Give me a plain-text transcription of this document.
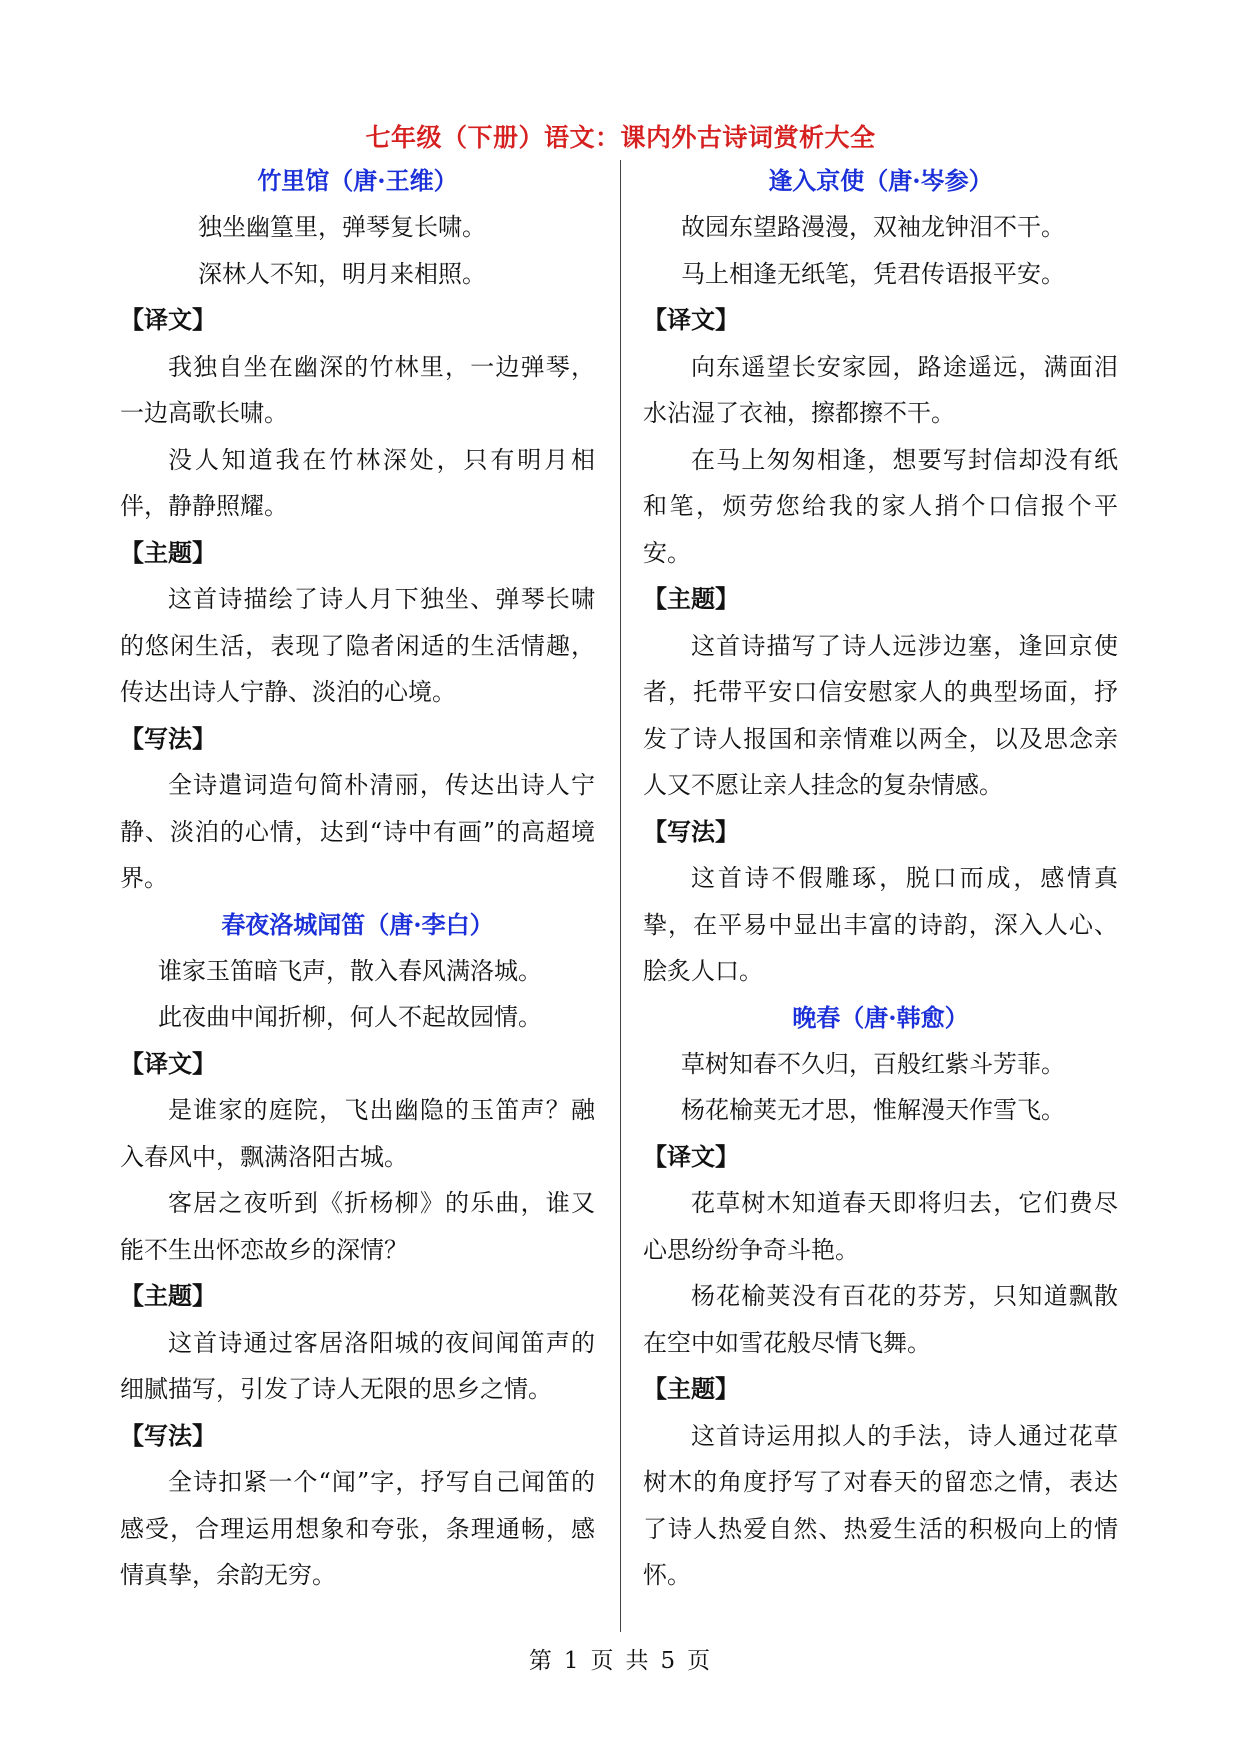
七年级（下册）语文：课内外古诗词赏析大全
竹里馆（唐·王维）
独坐幽篁里，弹琴复长啸。
深林人不知，明月来相照。
【译文】
我独自坐在幽深的竹林里，一边弹琴，一边高歌长啸。
没人知道我在竹林深处，只有明月相伴，静静照耀。
【主题】
这首诗描绘了诗人月下独坐、弹琴长啸的悠闲生活，表现了隐者闲适的生活情趣，传达出诗人宁静、淡泊的心境。
【写法】
全诗遣词造句简朴清丽，传达出诗人宁静、淡泊的心情，达到“诗中有画”的高超境界。
春夜洛城闻笛（唐·李白）
谁家玉笛暗飞声，散入春风满洛城。
此夜曲中闻折柳，何人不起故园情。
【译文】
是谁家的庭院，飞出幽隐的玉笛声？融入春风中，飘满洛阳古城。
客居之夜听到《折杨柳》的乐曲，谁又能不生出怀恋故乡的深情？
【主题】
这首诗通过客居洛阳城的夜间闻笛声的细腻描写，引发了诗人无限的思乡之情。
【写法】
全诗扣紧一个“闻”字，抒写自己闻笛的感受，合理运用想象和夸张，条理通畅，感情真挚，余韵无穷。
逢入京使（唐·岑参）
故园东望路漫漫，双袖龙钟泪不干。
马上相逢无纸笔，凭君传语报平安。
【译文】
向东遥望长安家园，路途遥远，满面泪水沾湿了衣袖，擦都擦不干。
在马上匆匆相逢，想要写封信却没有纸和笔，烦劳您给我的家人捎个口信报个平安。
【主题】
这首诗描写了诗人远涉边塞，逢回京使者，托带平安口信安慰家人的典型场面，抒发了诗人报国和亲情难以两全，以及思念亲人又不愿让亲人挂念的复杂情感。
【写法】
这首诗不假雕琢，脱口而成，感情真挚，在平易中显出丰富的诗韵，深入人心、脍炙人口。
晚春（唐·韩愈）
草树知春不久归，百般红紫斗芳菲。
杨花榆荚无才思，惟解漫天作雪飞。
【译文】
花草树木知道春天即将归去，它们费尽心思纷纷争奇斗艳。
杨花榆荚没有百花的芬芳，只知道飘散在空中如雪花般尽情飞舞。
【主题】
这首诗运用拟人的手法，诗人通过花草树木的角度抒写了对春天的留恋之情，表达了诗人热爱自然、热爱生活的积极向上的情怀。
第 1 页 共 5 页
